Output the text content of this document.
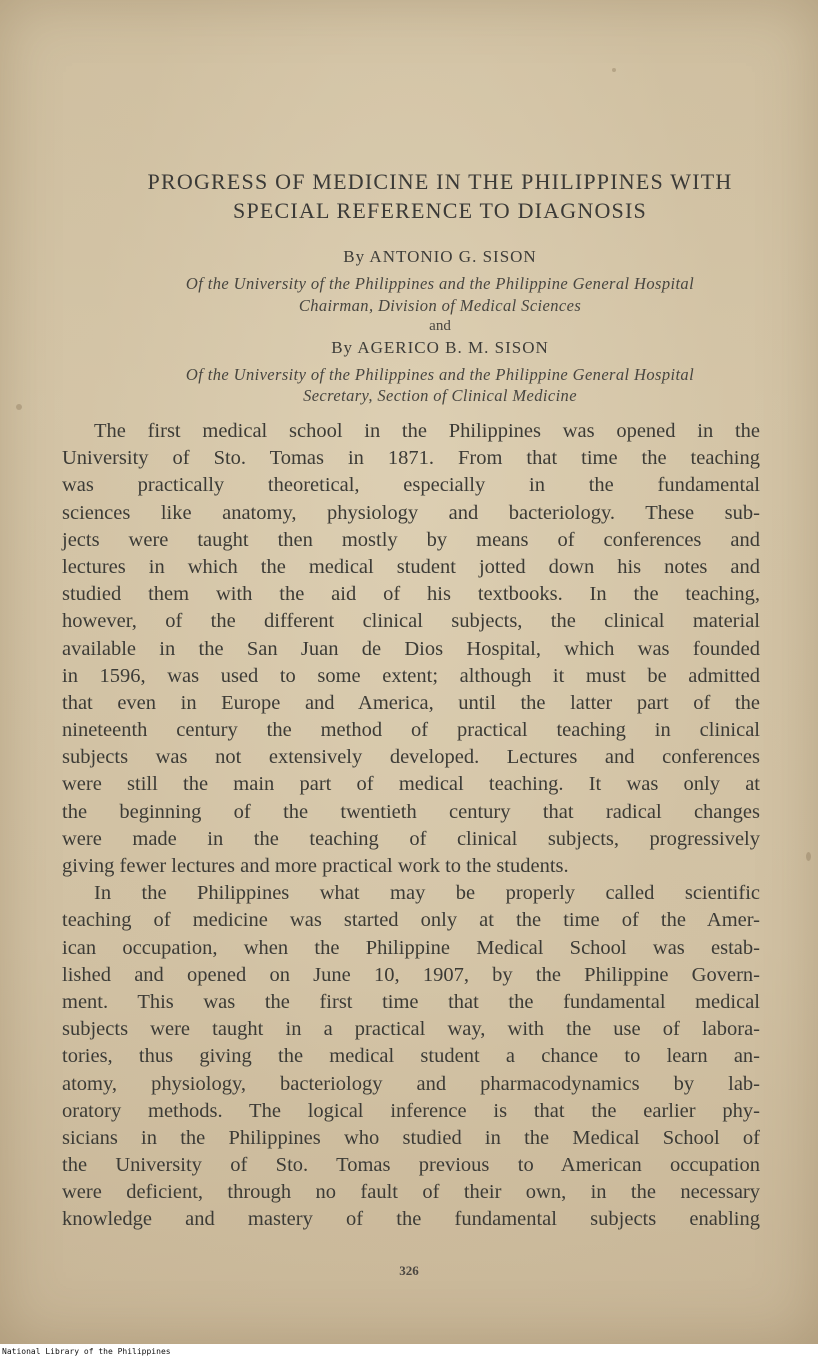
PROGRESS OF MEDICINE IN THE PHILIPPINES WITH
SPECIAL REFERENCE TO DIAGNOSIS
By ANTONIO G. SISON
Of the University of the Philippines and the Philippine General Hospital
Chairman, Division of Medical Sciences
and
By AGERICO B. M. SISON
Of the University of the Philippines and the Philippine General Hospital
Secretary, Section of Clinical Medicine
The first medical school in the Philippines was opened in the
University of Sto. Tomas in 1871. From that time the teaching
was practically theoretical, especially in the fundamental
sciences like anatomy, physiology and bacteriology. These sub-
jects were taught then mostly by means of conferences and
lectures in which the medical student jotted down his notes and
studied them with the aid of his textbooks. In the teaching,
however, of the different clinical subjects, the clinical material
available in the San Juan de Dios Hospital, which was founded
in 1596, was used to some extent; although it must be admitted
that even in Europe and America, until the latter part of the
nineteenth century the method of practical teaching in clinical
subjects was not extensively developed. Lectures and conferences
were still the main part of medical teaching. It was only at
the beginning of the twentieth century that radical changes
were made in the teaching of clinical subjects, progressively
giving fewer lectures and more practical work to the students.
In the Philippines what may be properly called scientific
teaching of medicine was started only at the time of the Amer-
ican occupation, when the Philippine Medical School was estab-
lished and opened on June 10, 1907, by the Philippine Govern-
ment. This was the first time that the fundamental medical
subjects were taught in a practical way, with the use of labora-
tories, thus giving the medical student a chance to learn an-
atomy, physiology, bacteriology and pharmacodynamics by lab-
oratory methods. The logical inference is that the earlier phy-
sicians in the Philippines who studied in the Medical School of
the University of Sto. Tomas previous to American occupation
were deficient, through no fault of their own, in the necessary
knowledge and mastery of the fundamental subjects enabling
326
National Library of the Philippines
